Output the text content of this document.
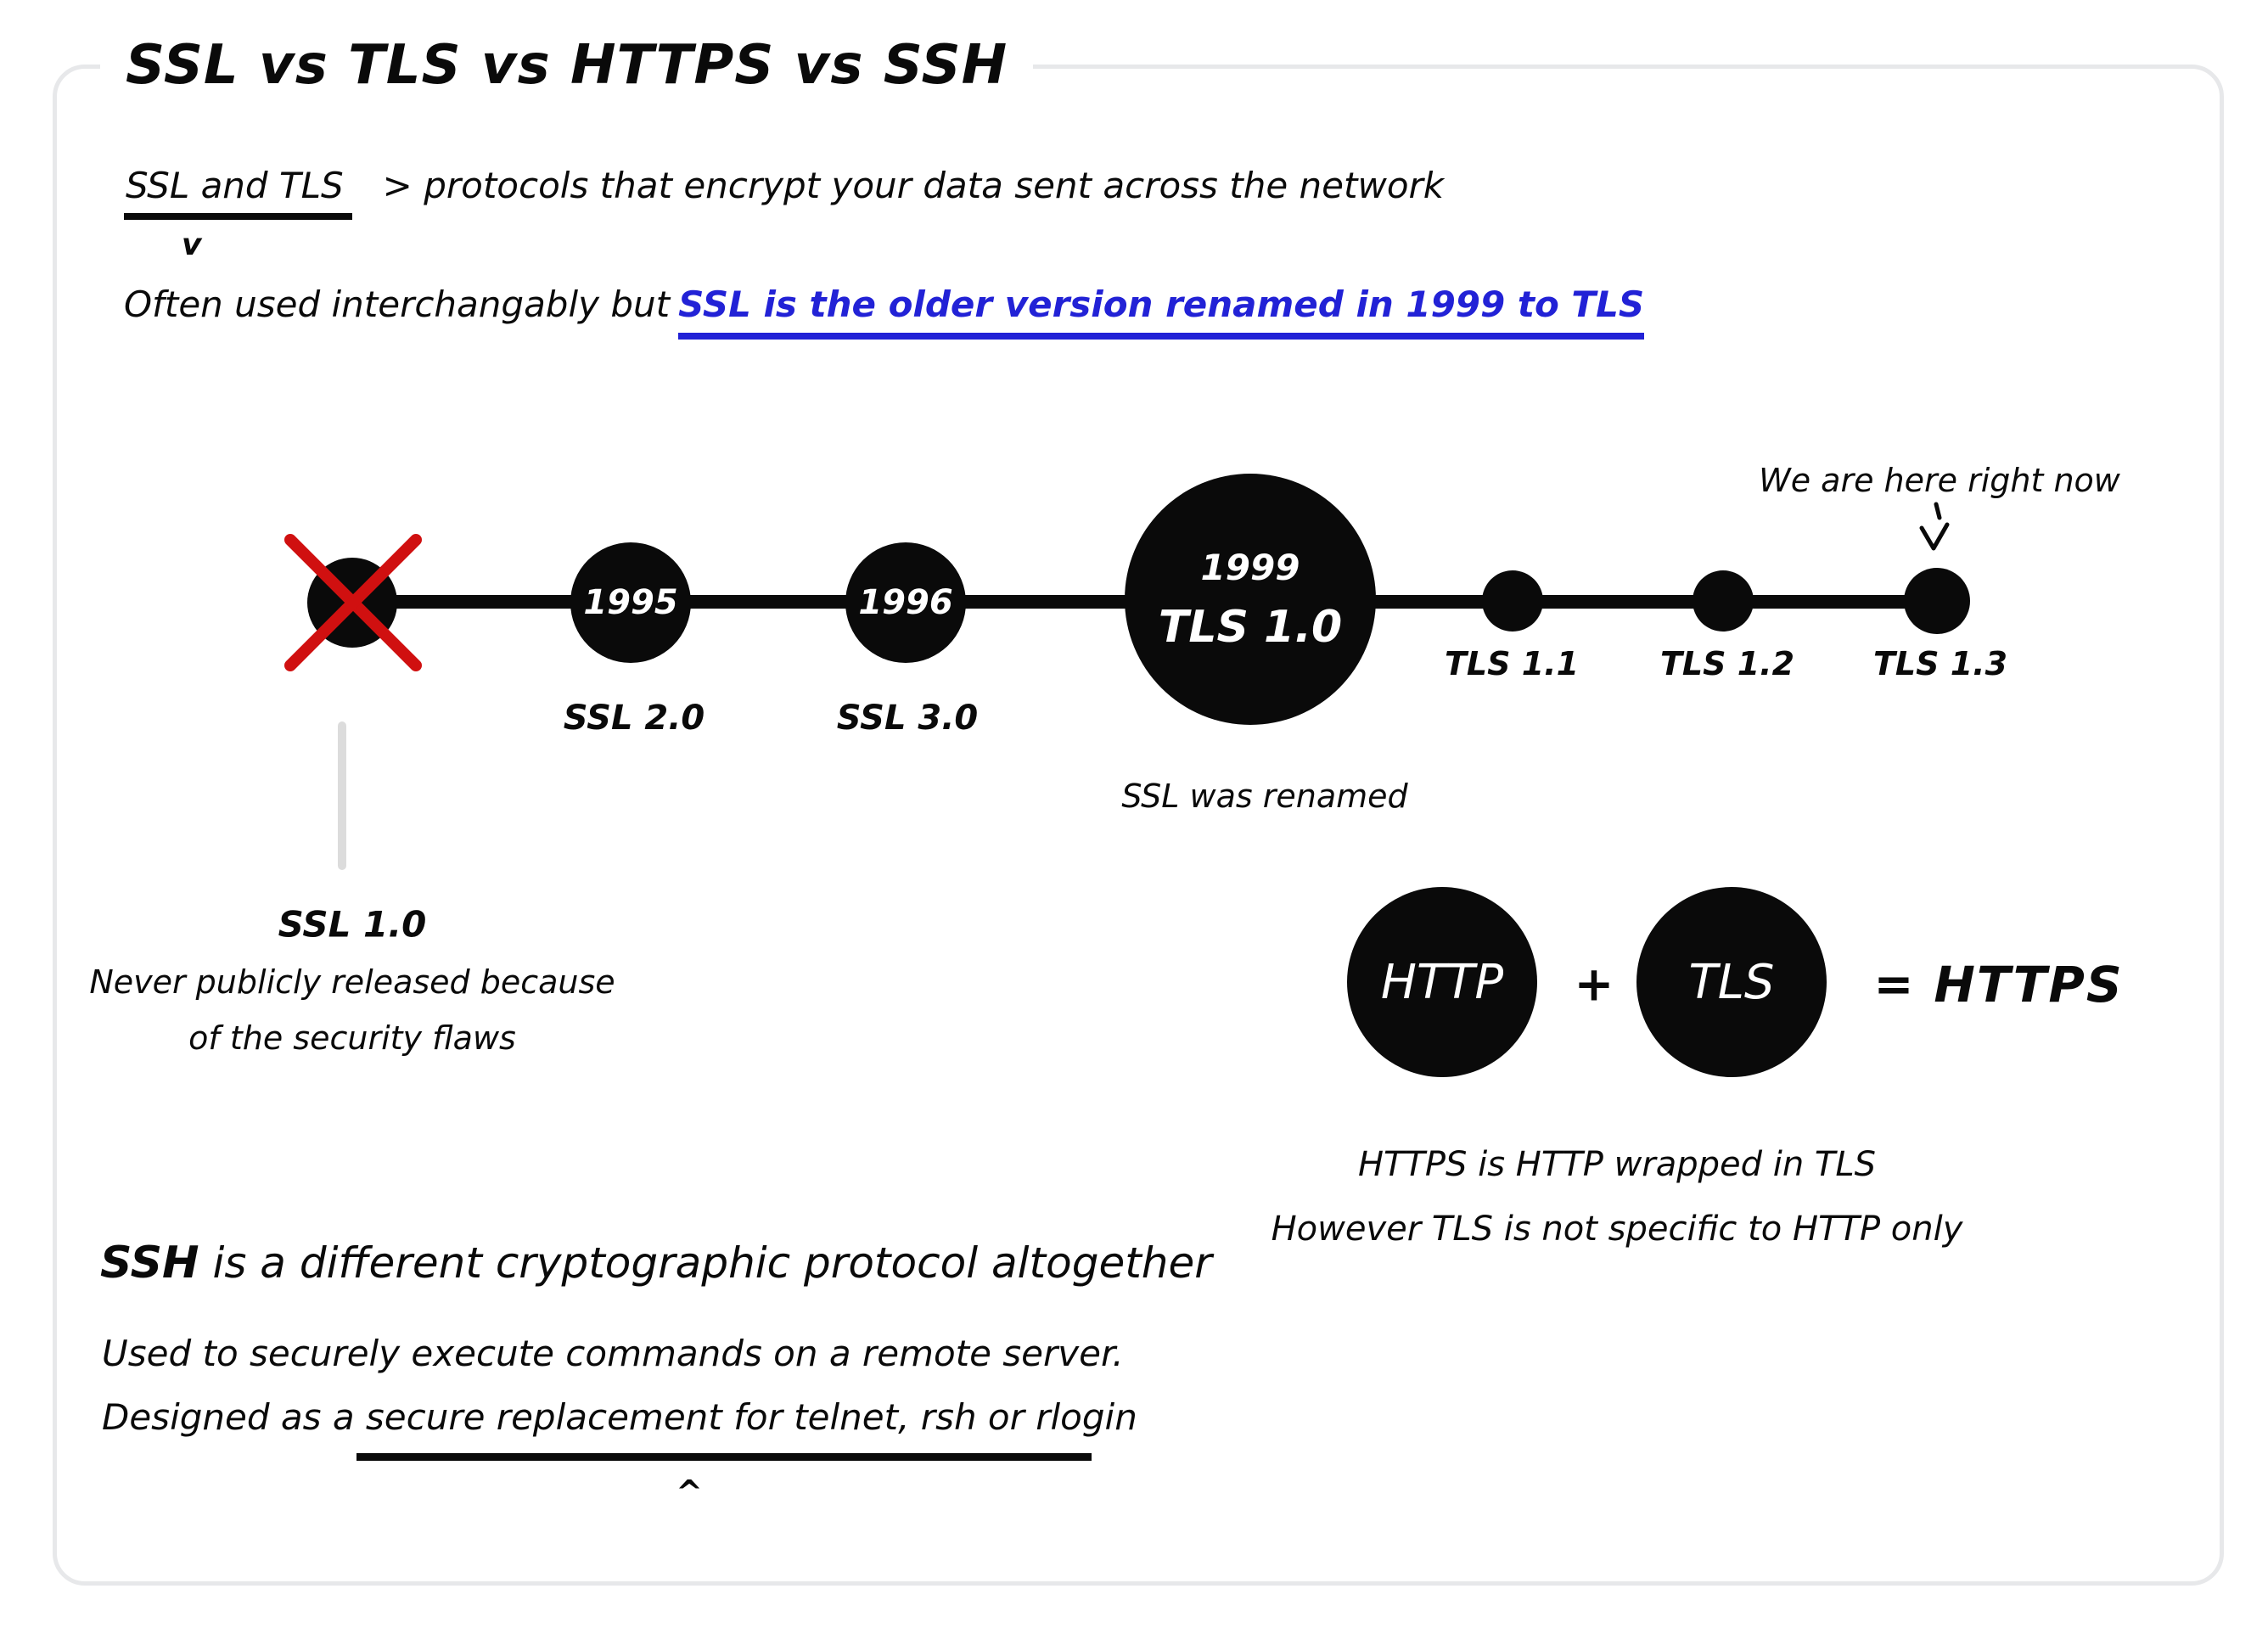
SSL vs TLS vs HTTPS vs SSH
SSL and TLS > protocols that encrypt your data sent across the network
v
Often used interchangably but SSL is the older version renamed in 1999 to TLS
1995	1996
1999
TLS 1.0
SSL 2.0	SSL 3.0
TLS 1.1	TLS 1.2 TLS 1.3
SSL was renamed
We are here right now
SSL 1.0
Never publicly released because
of the security flaws
HTTP + TLS = HTTPS
HTTPS is HTTP wrapped in TLS
However TLS is not specific to HTTP only
SSH is a different cryptographic protocol altogether
Used to securely execute commands on a remote server.
Designed as a secure replacement for telnet, rsh or rlogin
^
